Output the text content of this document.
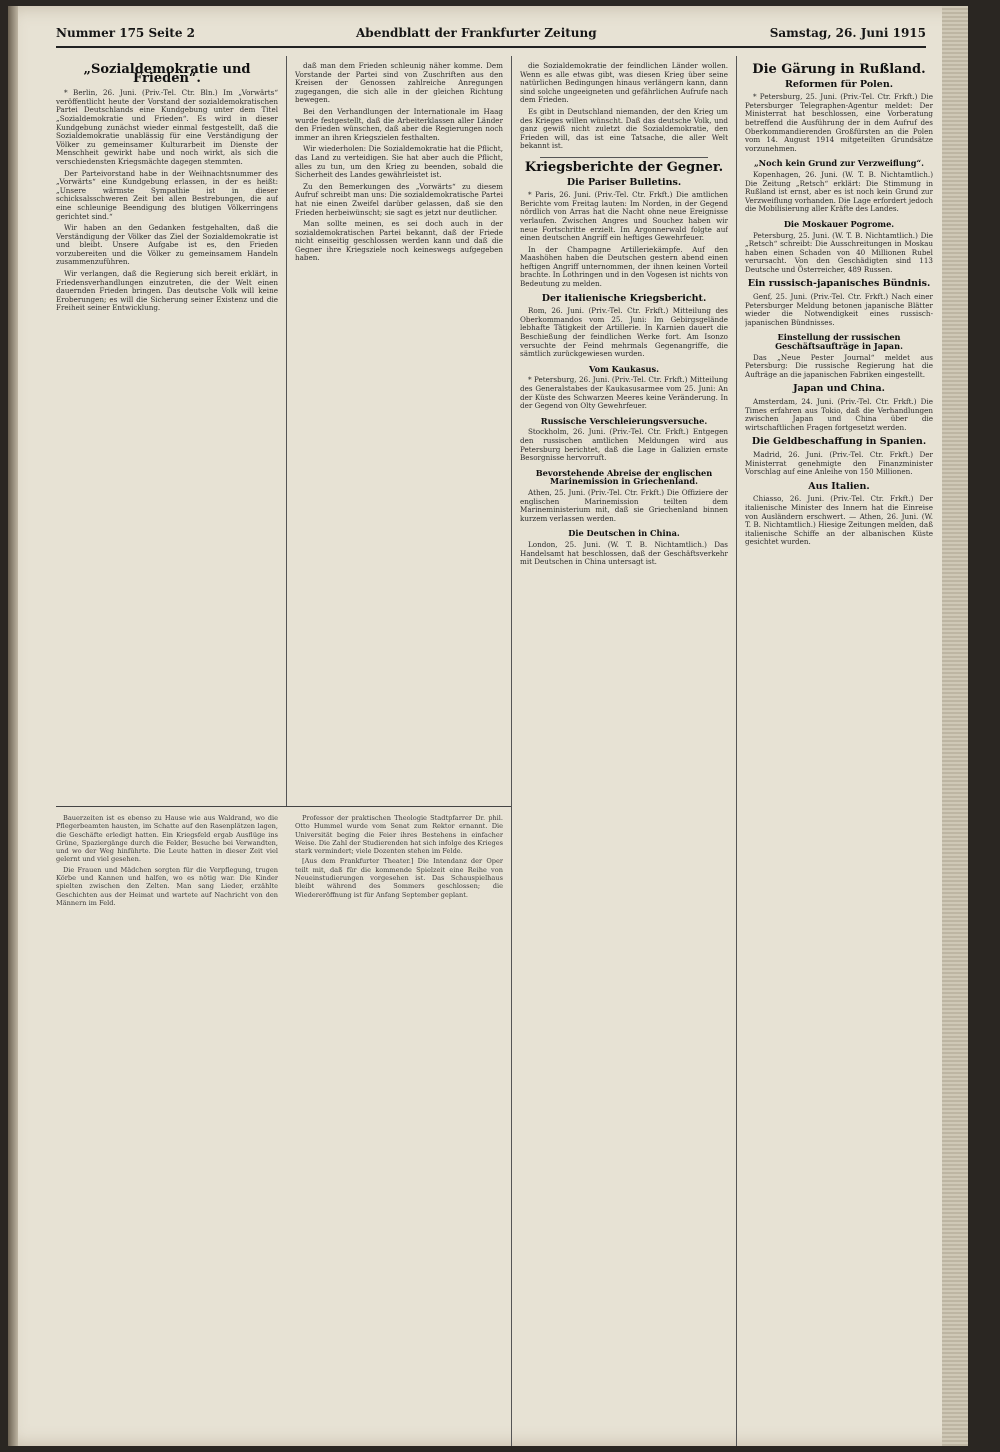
Nummer 175 Seite 2	Abendblatt der Frankfurter Zeitung	Samstag, 26. Juni 1915
„Sozialdemokratie und Frieden“.

* Berlin, 26. Juni. (Priv.-Tel. Ctr. Bln.) Im „Vorwärts“ veröffentlicht heute der Vorstand der sozialdemokratischen Partei Deutschlands eine Kundgebung unter dem Titel „Sozialdemokratie und Frieden“. Es wird in dieser Kundgebung zunächst wieder einmal festgestellt, daß die Sozialdemokratie unablässig für eine Verständigung der Völker zu gemeinsamer Kulturarbeit im Dienste der Menschheit gewirkt habe und noch wirkt, als sich die verschiedensten Kriegsmächte dagegen stemmten.

Der Parteivorstand habe in der Weihnachtsnummer des „Vorwärts“ eine Kundgebung erlassen, in der es heißt: „Unsere wärmste Sympathie ist in dieser schicksalsschweren Zeit bei allen Bestrebungen, die auf eine schleunige Beendigung des blutigen Völkerringens gerichtet sind.“

Wir haben an den Gedanken festgehalten, daß die Verständigung der Völker das Ziel der Sozialdemokratie ist und bleibt. Unsere Aufgabe ist es, den Frieden vorzubereiten und die Völker zu gemeinsamem Handeln zusammenzuführen.

Wir verlangen, daß die Regierung sich bereit erklärt, in Friedensverhandlungen einzutreten, die der Welt einen dauernden Frieden bringen. Das deutsche Volk will keine Eroberungen; es will die Sicherung seiner Existenz und die Freiheit seiner Entwicklung.

daß man dem Frieden schleunig näher komme. Dem Vorstande der Partei sind von Zuschriften aus den Kreisen der Genossen zahlreiche Anregungen zugegangen, die sich alle in der gleichen Richtung bewegen.

Bei den Verhandlungen der Internationale im Haag wurde festgestellt, daß die Arbeiterklassen aller Länder den Frieden wünschen, daß aber die Regierungen noch immer an ihren Kriegszielen festhalten.

Wir wiederholen: Die Sozialdemokratie hat die Pflicht, das Land zu verteidigen. Sie hat aber auch die Pflicht, alles zu tun, um den Krieg zu beenden, sobald die Sicherheit des Landes gewährleistet ist.

Zu den Bemerkungen des „Vorwärts“ zu diesem Aufruf schreibt man uns: Die sozialdemokratische Partei hat nie einen Zweifel darüber gelassen, daß sie den Frieden herbeiwünscht; sie sagt es jetzt nur deutlicher.

Man sollte meinen, es sei doch auch in der sozialdemokratischen Partei bekannt, daß der Friede nicht einseitig geschlossen werden kann und daß die Gegner ihre Kriegsziele noch keineswegs aufgegeben haben.

die Sozialdemokratie der feindlichen Länder wollen. Wenn es alle etwas gibt, was diesen Krieg über seine natürlichen Bedingungen hinaus verlängern kann, dann sind solche ungeeigneten und gefährlichen Aufrufe nach dem Frieden.

Es gibt in Deutschland niemanden, der den Krieg um des Krieges willen wünscht. Daß das deutsche Volk, und ganz gewiß nicht zuletzt die Sozialdemokratie, den Frieden will, das ist eine Tatsache, die aller Welt bekannt ist.

Kriegsberichte der Gegner.
Die Pariser Bulletins.

* Paris, 26. Juni. (Priv.-Tel. Ctr. Frkft.) Die amtlichen Berichte vom Freitag lauten: Im Norden, in der Gegend nördlich von Arras hat die Nacht ohne neue Ereignisse verlaufen. Zwischen Angres und Souchez haben wir neue Fortschritte erzielt. Im Argonnerwald folgte auf einen deutschen Angriff ein heftiges Gewehrfeuer.

In der Champagne Artilleriekämpfe. Auf den Maashöhen haben die Deutschen gestern abend einen heftigen Angriff unternommen, der ihnen keinen Vorteil brachte. In Lothringen und in den Vogesen ist nichts von Bedeutung zu melden.

Der italienische Kriegsbericht.

Rom, 26. Juni. (Priv.-Tel. Ctr. Frkft.) Mitteilung des Oberkommandos vom 25. Juni: Im Gebirgsgelände lebhafte Tätigkeit der Artillerie. In Karnien dauert die Beschießung der feindlichen Werke fort. Am Isonzo versuchte der Feind mehrmals Gegenangriffe, die sämtlich zurückgewiesen wurden.

Vom Kaukasus.

* Petersburg, 26. Juni. (Priv.-Tel. Ctr. Frkft.) Mitteilung des Generalstabes der Kaukasusarmee vom 25. Juni: An der Küste des Schwarzen Meeres keine Veränderung. In der Gegend von Olty Gewehrfeuer.

Russische Verschleierungsversuche.

Stockholm, 26. Juni. (Priv.-Tel. Ctr. Frkft.) Entgegen den russischen amtlichen Meldungen wird aus Petersburg berichtet, daß die Lage in Galizien ernste Besorgnisse hervorruft.

Bevorstehende Abreise der englischen Marinemission in Griechenland.

Athen, 25. Juni. (Priv.-Tel. Ctr. Frkft.) Die Offiziere der englischen Marinemission teilten dem Marineministerium mit, daß sie Griechenland binnen kurzem verlassen werden.

Die Deutschen in China.

London, 25. Juni. (W. T. B. Nichtamtlich.) Das Handelsamt hat beschlossen, daß der Geschäftsverkehr mit Deutschen in China untersagt ist.

Die Gärung in Rußland.
Reformen für Polen.

* Petersburg, 25. Juni. (Priv.-Tel. Ctr. Frkft.) Die Petersburger Telegraphen-Agentur meldet: Der Ministerrat hat beschlossen, eine Vorberatung betreffend die Ausführung der in dem Aufruf des Oberkommandierenden Großfürsten an die Polen vom 14. August 1914 mitgeteilten Grundsätze vorzunehmen.

„Noch kein Grund zur Verzweiflung“.

Kopenhagen, 26. Juni. (W. T. B. Nichtamtlich.) Die Zeitung „Retsch“ erklärt: Die Stimmung in Rußland ist ernst, aber es ist noch kein Grund zur Verzweiflung vorhanden. Die Lage erfordert jedoch die Mobilisierung aller Kräfte des Landes.

Die Moskauer Pogrome.

Petersburg, 25. Juni. (W. T. B. Nichtamtlich.) Die „Retsch“ schreibt: Die Ausschreitungen in Moskau haben einen Schaden von 40 Millionen Rubel verursacht. Von den Geschädigten sind 113 Deutsche und Österreicher, 489 Russen.

Ein russisch-japanisches Bündnis.

Genf, 25. Juni. (Priv.-Tel. Ctr. Frkft.) Nach einer Petersburger Meldung betonen japanische Blätter wieder die Notwendigkeit eines russisch-japanischen Bündnisses.

Einstellung der russischen Geschäftsaufträge in Japan.

Das „Neue Pester Journal“ meldet aus Petersburg: Die russische Regierung hat die Aufträge an die japanischen Fabriken eingestellt.

Japan und China.

Amsterdam, 24. Juni. (Priv.-Tel. Ctr. Frkft.) Die Times erfahren aus Tokio, daß die Verhandlungen zwischen Japan und China über die wirtschaftlichen Fragen fortgesetzt werden.

Die Geldbeschaffung in Spanien.

Madrid, 26. Juni. (Priv.-Tel. Ctr. Frkft.) Der Ministerrat genehmigte den Finanzminister Vorschlag auf eine Anleihe von 150 Millionen.

Aus Italien.

Chiasso, 26. Juni. (Priv.-Tel. Ctr. Frkft.) Der italienische Minister des Innern hat die Einreise von Ausländern erschwert. — Athen, 26. Juni. (W. T. B. Nichtamtlich.) Hiesige Zeitungen melden, daß italienische Schiffe an der albanischen Küste gesichtet wurden.

Bauerzeiten ist es ebenso zu Hause wie aus Waldrand, wo die Pflegerbeamten hausten, im Schatte auf den Rasenplätzen lagen, die Geschäfte erledigt hatten. Ein Kriegsfeld ergab Ausflüge ins Grüne, Spaziergänge durch die Felder, Besuche bei Verwandten, und wo der Weg hinführte. Die Leute hatten in dieser Zeit viel gelernt und viel gesehen.

Die Frauen und Mädchen sorgten für die Verpflegung, trugen Körbe und Kannen und halfen, wo es nötig war. Die Kinder spielten zwischen den Zelten. Man sang Lieder, erzählte Geschichten aus der Heimat und wartete auf Nachricht von den Männern im Feld.

Professor der praktischen Theologie Stadtpfarrer Dr. phil. Otto Hummel wurde vom Senat zum Rektor ernannt. Die Universität beging die Feier ihres Bestehens in einfacher Weise. Die Zahl der Studierenden hat sich infolge des Krieges stark vermindert; viele Dozenten stehen im Felde.

[Aus dem Frankfurter Theater.] Die Intendanz der Oper teilt mit, daß für die kommende Spielzeit eine Reihe von Neueinstudierungen vorgesehen ist. Das Schauspielhaus bleibt während des Sommers geschlossen; die Wiedereröffnung ist für Anfang September geplant.
